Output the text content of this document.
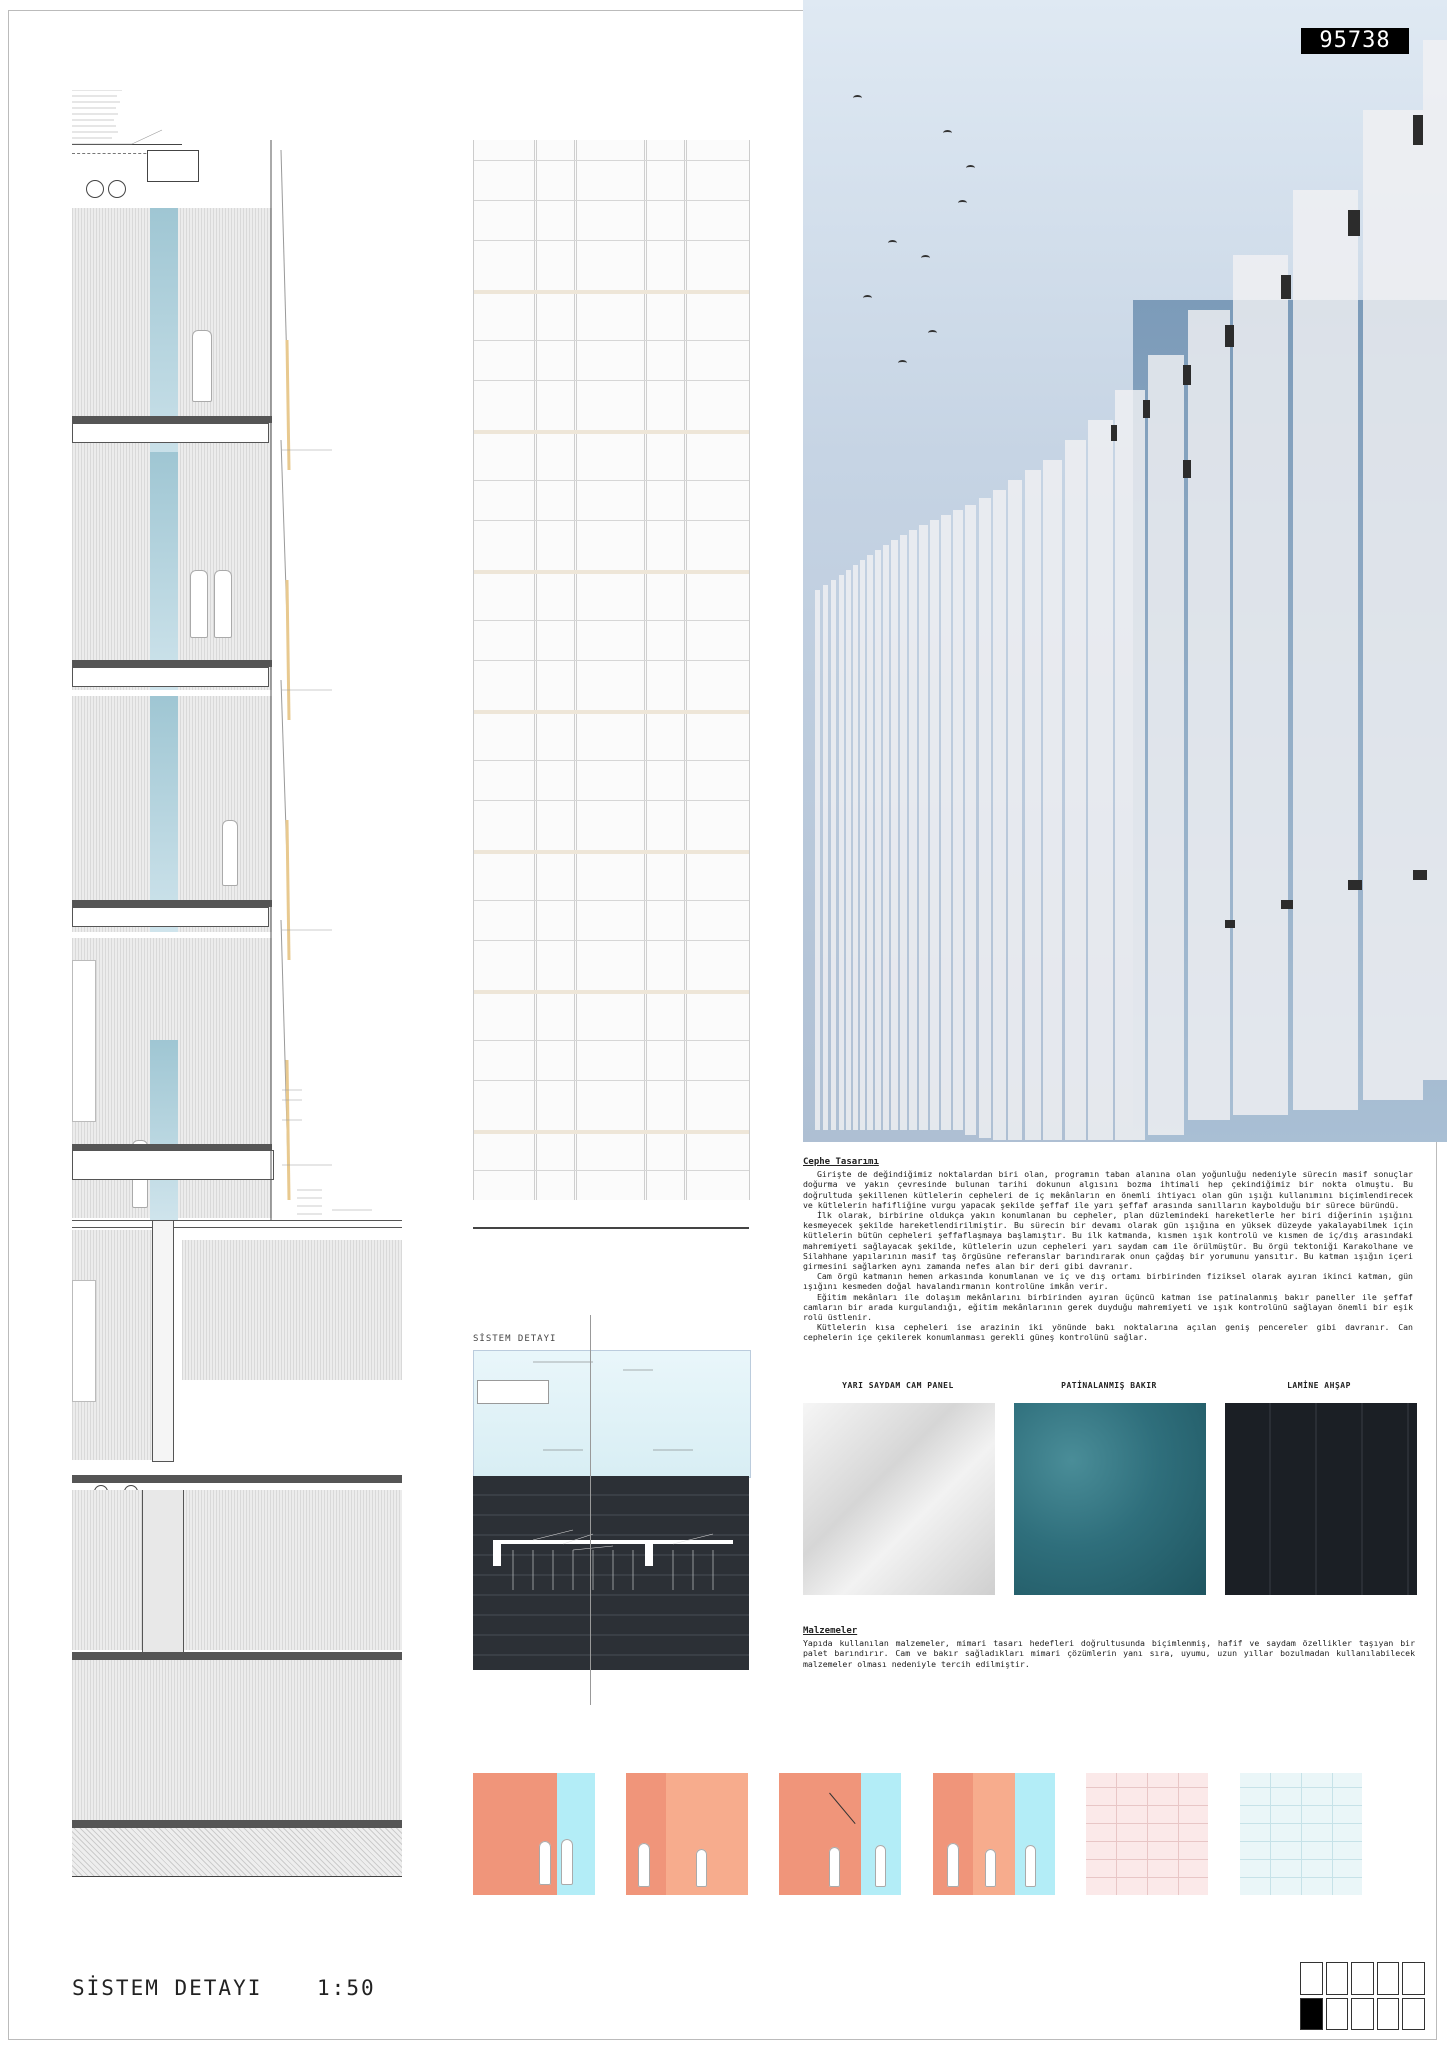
95738
Cephe Tasarımı
Girişte de değindiğimiz noktalardan biri olan, programın taban alanına olan yoğunluğu nedeniyle sürecin masif sonuçlar doğurma ve yakın çevresinde bulunan tarihi dokunun algısını bozma ihtimali hep çekindiğimiz bir nokta olmuştu. Bu doğrultuda şekillenen kütlelerin cepheleri de iç mekânların en önemli ihtiyacı olan gün ışığı kullanımını biçimlendirecek ve kütlelerin hafifliğine vurgu yapacak şekilde şeffaf ile yarı şeffaf arasında sanılların kaybolduğu bir sürece büründü.
İlk olarak, birbirine oldukça yakın konumlanan bu cepheler, plan düzlemindeki hareketlerle her biri diğerinin ışığını kesmeyecek şekilde hareketlendirilmiştir. Bu sürecin bir devamı olarak gün ışığına en yüksek düzeyde yakalayabilmek için kütlelerin bütün cepheleri şeffaflaşmaya başlamıştır. Bu ilk katmanda, kısmen ışık kontrolü ve kısmen de iç/dış arasındaki mahremiyeti sağlayacak şekilde, kütlelerin uzun cepheleri yarı saydam cam ile örülmüştür. Bu örgü tektoniği Karakolhane ve Silahhane yapılarının masif taş örgüsüne referanslar barındırarak onun çağdaş bir yorumunu yansıtır. Bu katman ışığın içeri girmesini sağlarken aynı zamanda nefes alan bir deri gibi davranır.
Cam örgü katmanın hemen arkasında konumlanan ve iç ve dış ortamı birbirinden fiziksel olarak ayıran ikinci katman, gün ışığını kesmeden doğal havalandırmanın kontrolüne imkân verir.
Eğitim mekânları ile dolaşım mekânlarını birbirinden ayıran üçüncü katman ise patinalanmış bakır paneller ile şeffaf camların bir arada kurgulandığı, eğitim mekânlarının gerek duyduğu mahremiyeti ve ışık kontrolünü sağlayan önemli bir eşik rolü üstlenir.
Kütlelerin kısa cepheleri ise arazinin iki yönünde bakı noktalarına açılan geniş pencereler gibi davranır. Can cephelerin içe çekilerek konumlanması gerekli güneş kontrolünü sağlar.
YARI SAYDAM CAM PANEL	PATİNALANMIŞ BAKIR	LAMİNE AHŞAP
Malzemeler
Yapıda kullanılan malzemeler, mimari tasarı hedefleri doğrultusunda biçimlenmiş, hafif ve saydam özellikler taşıyan bir palet barındırır. Cam ve bakır sağladıkları mimari çözümlerin yanı sıra, uyumu, uzun yıllar bozulmadan kullanılabilecek malzemeler olması nedeniyle tercih edilmiştir.
SİSTEM DETAYI
SİSTEM DETAYI	1:50
